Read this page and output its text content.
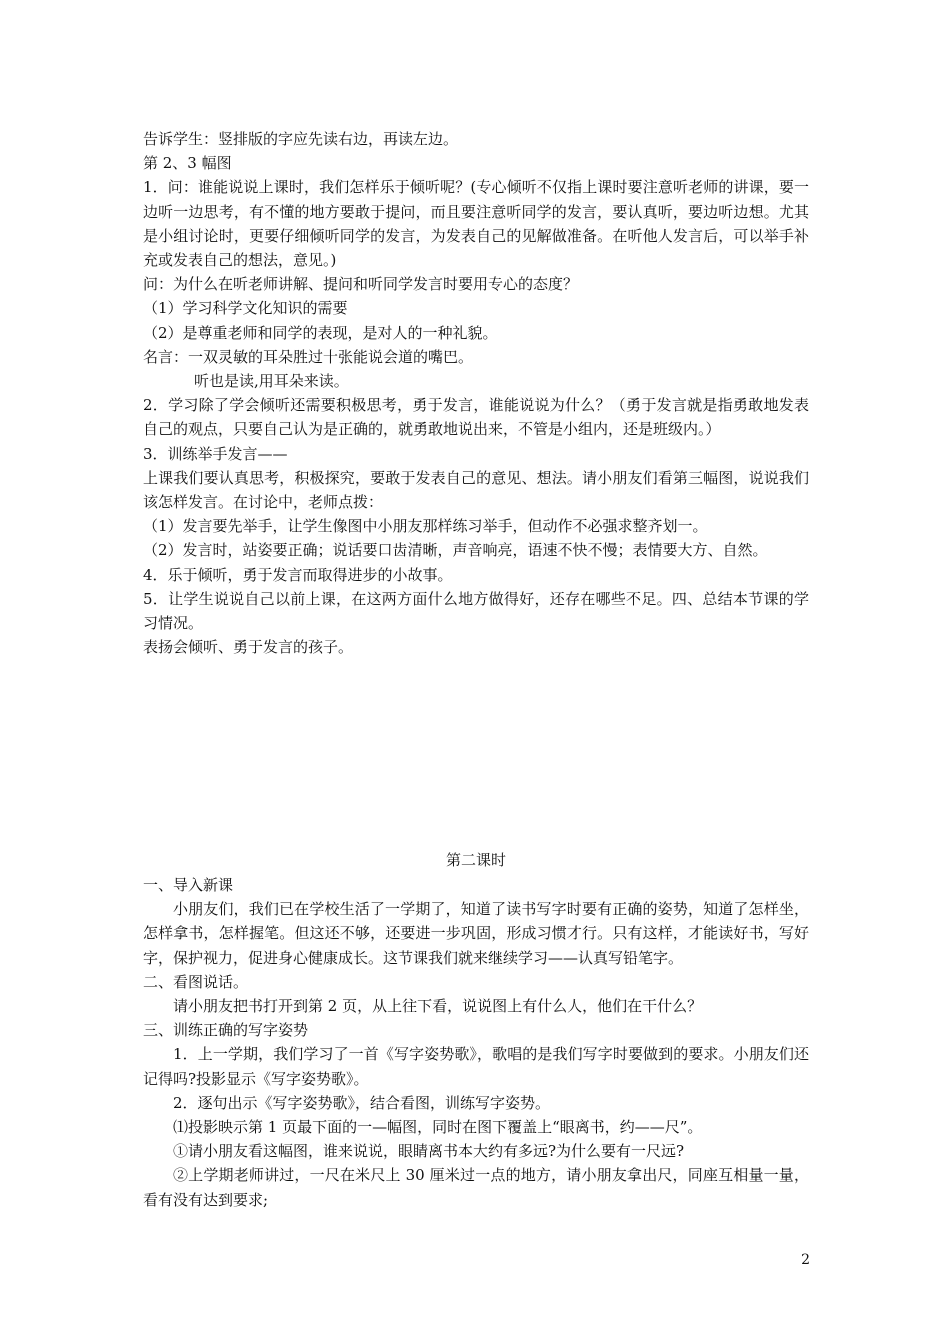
告诉学生：竖排版的字应先读右边，再读左边。

第 2、3 幅图

1．问：谁能说说上课时，我们怎样乐于倾听呢？(专心倾听不仅指上课时要注意听老师的讲课，要一边听一边思考，有不懂的地方要敢于提问，而且要注意听同学的发言，要认真听，要边听边想。尤其是小组讨论时，更要仔细倾听同学的发言，为发表自己的见解做准备。在听他人发言后，可以举手补充或发表自己的想法，意见。)

问：为什么在听老师讲解、提问和听同学发言时要用专心的态度？

（1）学习科学文化知识的需要

（2）是尊重老师和同学的表现，是对人的一种礼貌。

名言：一双灵敏的耳朵胜过十张能说会道的嘴巴。

听也是读,用耳朵来读。

2．学习除了学会倾听还需要积极思考，勇于发言，谁能说说为什么？（勇于发言就是指勇敢地发表自己的观点，只要自己认为是正确的，就勇敢地说出来，不管是小组内，还是班级内。）

3．训练举手发言——

上课我们要认真思考，积极探究，要敢于发表自己的意见、想法。请小朋友们看第三幅图，说说我们该怎样发言。在讨论中，老师点拨：

（1）发言要先举手，让学生像图中小朋友那样练习举手，但动作不必强求整齐划一。

（2）发言时，站姿要正确；说话要口齿清晰，声音响亮，语速不快不慢；表情要大方、自然。

4．乐于倾听，勇于发言而取得进步的小故事。

5．让学生说说自己以前上课，在这两方面什么地方做得好，还存在哪些不足。四、总结本节课的学习情况。

表扬会倾听、勇于发言的孩子。

第二课时

一、导入新课

小朋友们，我们已在学校生活了一学期了，知道了读书写字时要有正确的姿势，知道了怎样坐，怎样拿书，怎样握笔。但这还不够，还要进一步巩固，形成习惯才行。只有这样，才能读好书，写好字，保护视力，促进身心健康成长。这节课我们就来继续学习——认真写铅笔字。

二、看图说话。

请小朋友把书打开到第 2 页，从上往下看，说说图上有什么人，他们在干什么？

三、训练正确的写字姿势

1．上一学期，我们学习了一首《写字姿势歌》，歌唱的是我们写字时要做到的要求。小朋友们还记得吗?投影显示《写字姿势歌》。

2．逐句出示《写字姿势歌》，结合看图，训练写字姿势。

⑴投影映示第 1 页最下面的一—幅图，同时在图下覆盖上“眼离书，约——尺”。

①请小朋友看这幅图，谁来说说，眼睛离书本大约有多远?为什么要有一尺远?

②上学期老师讲过，一尺在米尺上 30 厘米过一点的地方，请小朋友拿出尺，同座互相量一量，看有没有达到要求;

2
